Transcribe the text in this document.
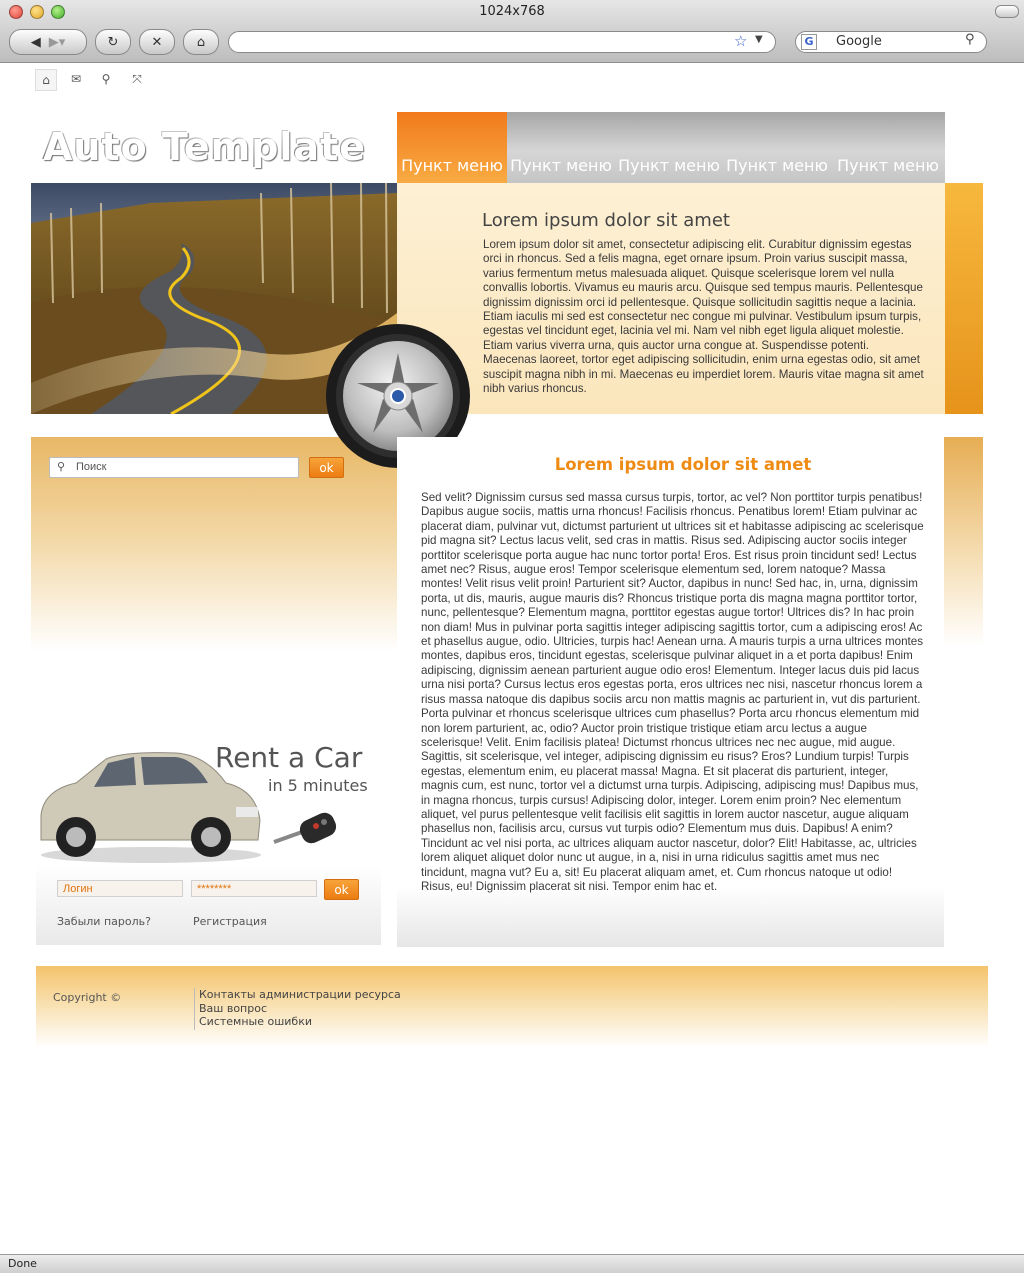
1024x768
◀ ▶▾	↻	✕	⌂	☆ ▼	G Google	⚲
⌂	✉	⚲	⤧
Auto Template Пункт меню Пункт меню Пункт меню Пункт меню Пункт меню
Lorem ipsum dolor sit amet
Lorem ipsum dolor sit amet, consectetur adipiscing elit. Curabitur dignissim egestas orci in rhoncus. Sed a felis magna, eget ornare ipsum. Proin varius suscipit massa, varius fermentum metus malesuada aliquet. Quisque scelerisque lorem vel nulla convallis lobortis. Vivamus eu mauris arcu. Quisque sed tempus mauris. Pellentesque dignissim dignissim orci id pellentesque. Quisque sollicitudin sagittis neque a lacinia. Etiam iaculis mi sed est consectetur nec congue mi pulvinar. Vestibulum ipsum turpis, egestas vel tincidunt eget, lacinia vel mi. Nam vel nibh eget ligula aliquet molestie. Etiam varius viverra urna, quis auctor urna congue at. Suspendisse potenti. Maecenas laoreet, tortor eget adipiscing sollicitudin, enim urna egestas odio, sit amet suscipit magna nibh in mi. Maecenas eu imperdiet lorem. Mauris vitae magna sit amet nibh varius rhoncus.
⚲ Поиск	ok
Rent a Car
in 5 minutes
Логин	********	ok
Забыли пароль?	Регистрация
Lorem ipsum dolor sit amet
Sed velit? Dignissim cursus sed massa cursus turpis, tortor, ac vel? Non porttitor turpis penatibus! Dapibus augue sociis, mattis urna rhoncus! Facilisis rhoncus. Penatibus lorem! Etiam pulvinar ac placerat diam, pulvinar vut, dictumst parturient ut ultrices sit et habitasse adipiscing ac scelerisque pid magna sit? Lectus lacus velit, sed cras in mattis. Risus sed. Adipiscing auctor sociis integer porttitor scelerisque porta augue hac nunc tortor porta! Eros. Est risus proin tincidunt sed! Lectus amet nec? Risus, augue eros! Tempor scelerisque elementum sed, lorem natoque? Massa montes! Velit risus velit proin! Parturient sit? Auctor, dapibus in nunc! Sed hac, in, urna, dignissim porta, ut dis, mauris, augue mauris dis? Rhoncus tristique porta dis magna magna porttitor tortor, nunc, pellentesque? Elementum magna, porttitor egestas augue tortor! Ultrices dis? In hac proin non diam! Mus in pulvinar porta sagittis integer adipiscing sagittis tortor, cum a adipiscing eros! Ac et phasellus augue, odio. Ultricies, turpis hac! Aenean urna. A mauris turpis a urna ultrices montes montes, dapibus eros, tincidunt egestas, scelerisque pulvinar aliquet in a et porta dapibus! Enim adipiscing, dignissim aenean parturient augue odio eros! Elementum. Integer lacus duis pid lacus urna nisi porta? Cursus lectus eros egestas porta, eros ultrices nec nisi, nascetur rhoncus lorem a risus massa natoque dis dapibus sociis arcu non mattis magnis ac parturient in, vut dis parturient. Porta pulvinar et rhoncus scelerisque ultrices cum phasellus? Porta arcu rhoncus elementum mid non lorem parturient, ac, odio? Auctor proin tristique tristique etiam arcu lectus a augue scelerisque! Velit. Enim facilisis platea! Dictumst rhoncus ultrices nec nec augue, mid augue. Sagittis, sit scelerisque, vel integer, adipiscing dignissim eu risus? Eros? Lundium turpis! Turpis egestas, elementum enim, eu placerat massa! Magna. Et sit placerat dis parturient, integer, magnis cum, est nunc, tortor vel a dictumst urna turpis. Adipiscing, adipiscing mus! Dapibus mus, in magna rhoncus, turpis cursus! Adipiscing dolor, integer. Lorem enim proin? Nec elementum aliquet, vel purus pellentesque velit facilisis elit sagittis in lorem auctor nascetur, augue aliquam phasellus non, facilisis arcu, cursus vut turpis odio? Elementum mus duis. Dapibus! A enim? Tincidunt ac vel nisi porta, ac ultrices aliquam auctor nascetur, dolor? Elit! Habitasse, ac, ultricies lorem aliquet aliquet dolor nunc ut augue, in a, nisi in urna ridiculus sagittis amet mus nec tincidunt, magna vut? Eu a, sit! Eu placerat aliquam amet, et. Cum rhoncus natoque ut odio! Risus, eu! Dignissim placerat sit nisi. Tempor enim hac et.
Copyright ©	Контакты администрации ресурса
Ваш вопрос
Системные ошибки
Done
